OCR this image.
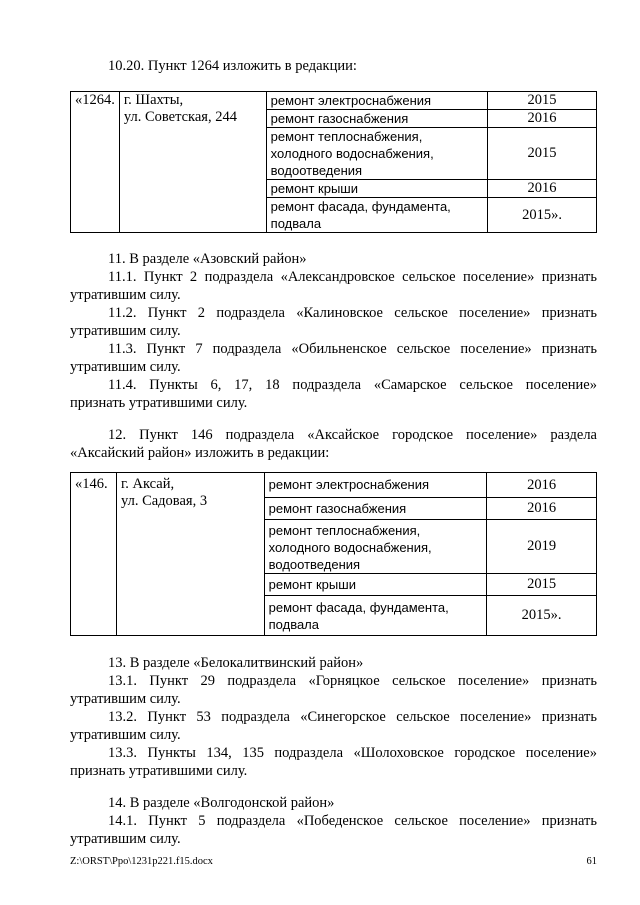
10.20. Пункт 1264 изложить в редакции:
«1264.	г. Шахты,
ул. Советская, 244	ремонт электроснабжения	2015

		ремонт газоснабжения	2016

		ремонт теплоснабжения,
холодного водоснабжения,
водоотведения	2015

		ремонт крыши	2016

		ремонт фасада, фундамента,
подвала	2015».
11. В разделе «Азовский район»
11.1. Пункт 2 подраздела «Александровское сельское поселение» признать
утратившим силу.
11.2. Пункт 2 подраздела «Калиновское сельское поселение» признать
утратившим силу.
11.3. Пункт 7 подраздела «Обильненское сельское поселение» признать
утратившим силу.
11.4. Пункты 6, 17, 18 подраздела «Самарское сельское поселение»
признать утратившими силу.
12. Пункт 146 подраздела «Аксайское городское поселение» раздела
«Аксайский район» изложить в редакции:
«146.	г. Аксай,
ул. Садовая, 3	ремонт электроснабжения	2016

		ремонт газоснабжения	2016

		ремонт теплоснабжения,
холодного водоснабжения,
водоотведения	2019

		ремонт крыши	2015

		ремонт фасада, фундамента,
подвала	2015».
13. В разделе «Белокалитвинский район»
13.1. Пункт 29 подраздела «Горняцкое сельское поселение» признать
утратившим силу.
13.2. Пункт 53 подраздела «Синегорское сельское поселение» признать
утратившим силу.
13.3. Пункты 134, 135 подраздела «Шолоховское городское поселение»
признать утратившими силу.
14. В разделе «Волгодонской район»
14.1. Пункт 5 подраздела «Победенское сельское поселение» признать
утратившим силу.
Z:\ORST\Ppo\1231p221.f15.docx	61
